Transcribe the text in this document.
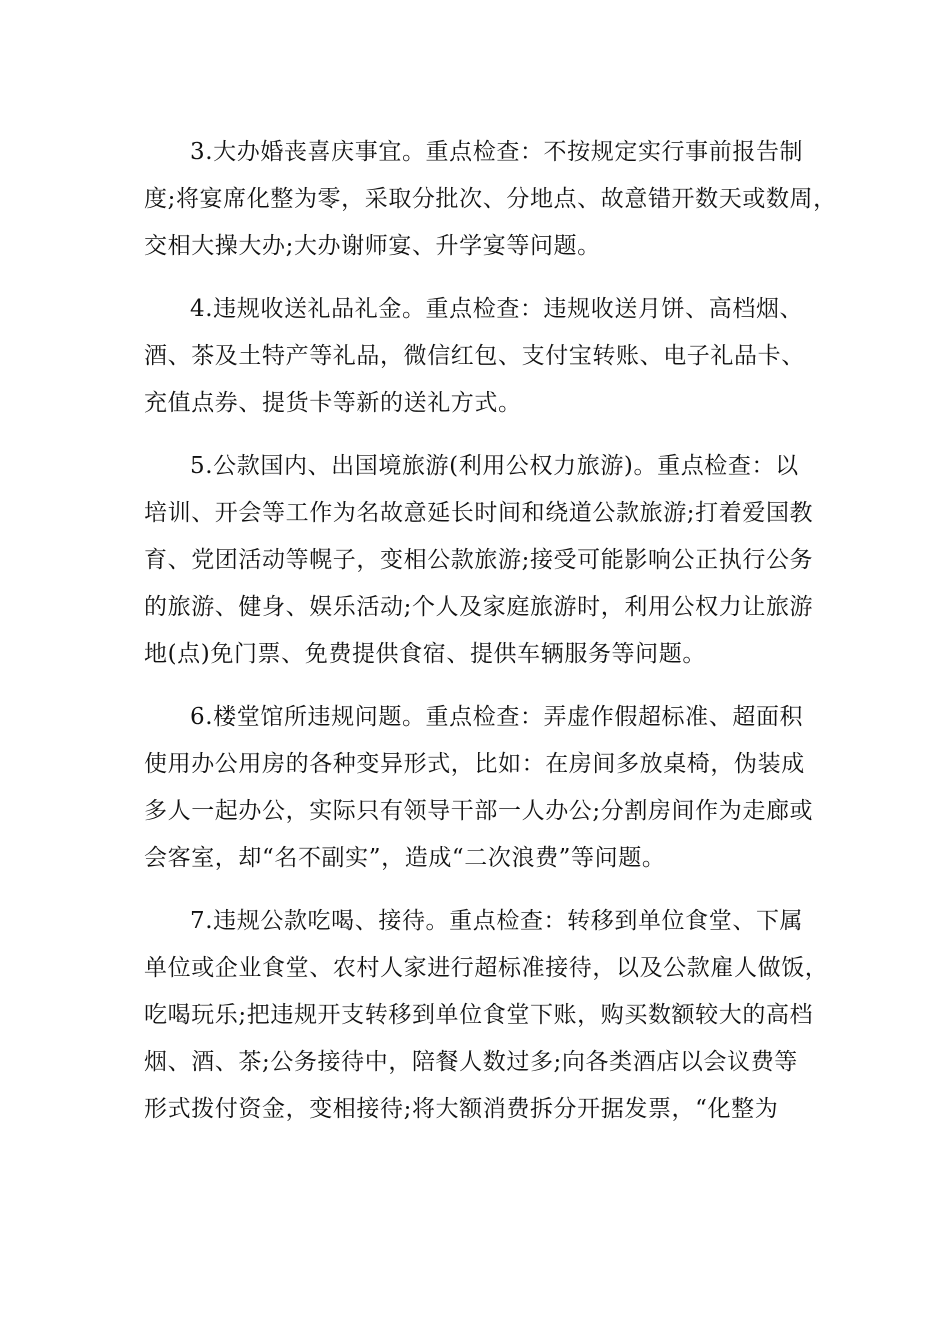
3.大办婚丧喜庆事宜。重点检查：不按规定实行事前报告制
度;将宴席化整为零，采取分批次、分地点、故意错开数天或数周，
交相大操大办;大办谢师宴、升学宴等问题。
4.违规收送礼品礼金。重点检查：违规收送月饼、高档烟、
酒、茶及土特产等礼品，微信红包、支付宝转账、电子礼品卡、
充值点券、提货卡等新的送礼方式。
5.公款国内、出国境旅游(利用公权力旅游)。重点检查：以
培训、开会等工作为名故意延长时间和绕道公款旅游;打着爱国教
育、党团活动等幌子，变相公款旅游;接受可能影响公正执行公务
的旅游、健身、娱乐活动;个人及家庭旅游时，利用公权力让旅游
地(点)免门票、免费提供食宿、提供车辆服务等问题。
6.楼堂馆所违规问题。重点检查：弄虚作假超标准、超面积
使用办公用房的各种变异形式，比如：在房间多放桌椅，伪装成
多人一起办公，实际只有领导干部一人办公;分割房间作为走廊或
会客室，却“名不副实”，造成“二次浪费”等问题。
7.违规公款吃喝、接待。重点检查：转移到单位食堂、下属
单位或企业食堂、农村人家进行超标准接待，以及公款雇人做饭，
吃喝玩乐;把违规开支转移到单位食堂下账，购买数额较大的高档
烟、酒、茶;公务接待中，陪餐人数过多;向各类酒店以会议费等
形式拨付资金，变相接待;将大额消费拆分开据发票，“化整为
